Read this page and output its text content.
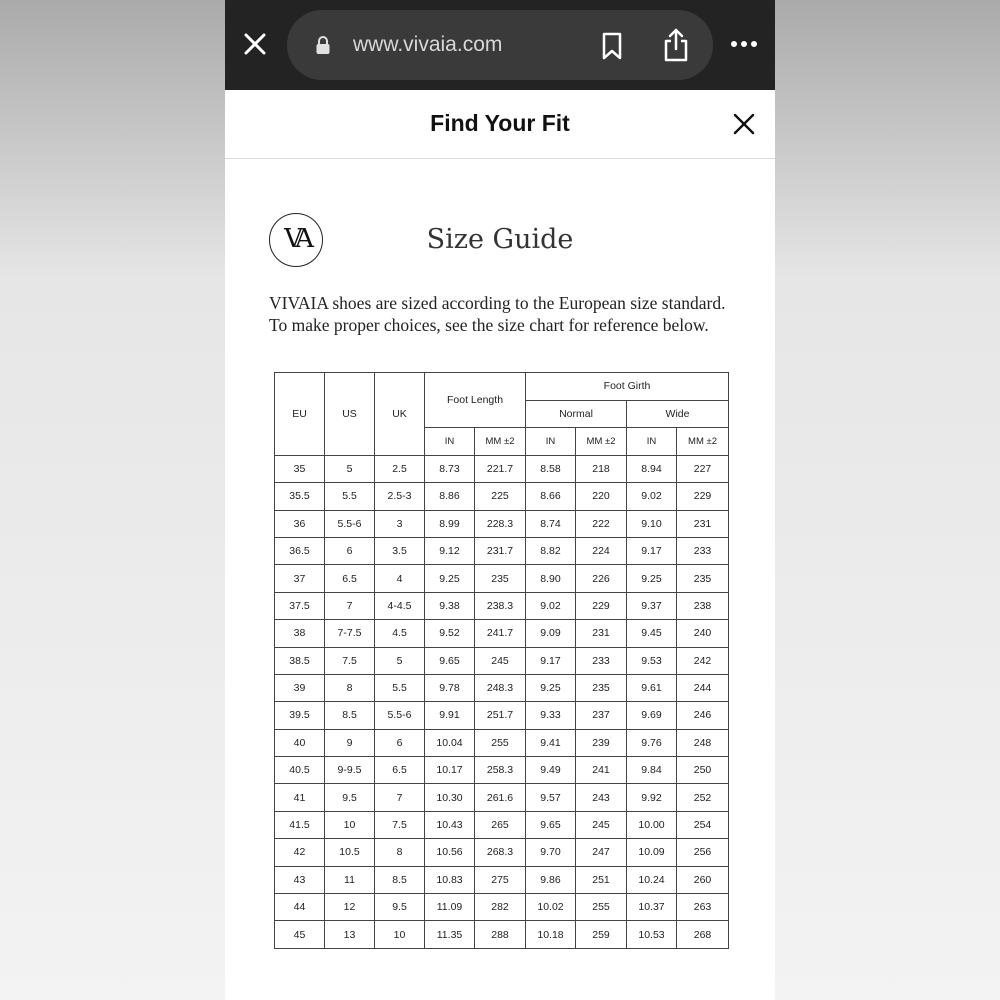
www.vivaia.com
Find Your Fit
VA	Size Guide
VIVAIA shoes are sized according to the European size standard.
To make proper choices, see the size chart for reference below.
EU	US	UK	Foot Length		Foot Girth			
					Normal		Wide	
			IN	MM ±2	IN	MM ±2	IN	MM ±2
35	5	2.5	8.73	221.7	8.58	218	8.94	227
35.5	5.5	2.5-3	8.86	225	8.66	220	9.02	229
36	5.5-6	3	8.99	228.3	8.74	222	9.10	231
36.5	6	3.5	9.12	231.7	8.82	224	9.17	233
37	6.5	4	9.25	235	8.90	226	9.25	235
37.5	7	4-4.5	9.38	238.3	9.02	229	9.37	238
38	7-7.5	4.5	9.52	241.7	9.09	231	9.45	240
38.5	7.5	5	9.65	245	9.17	233	9.53	242
39	8	5.5	9.78	248.3	9.25	235	9.61	244
39.5	8.5	5.5-6	9.91	251.7	9.33	237	9.69	246
40	9	6	10.04	255	9.41	239	9.76	248
40.5	9-9.5	6.5	10.17	258.3	9.49	241	9.84	250
41	9.5	7	10.30	261.6	9.57	243	9.92	252
41.5	10	7.5	10.43	265	9.65	245	10.00	254
42	10.5	8	10.56	268.3	9.70	247	10.09	256
43	11	8.5	10.83	275	9.86	251	10.24	260
44	12	9.5	11.09	282	10.02	255	10.37	263
45	13	10	11.35	288	10.18	259	10.53	268
